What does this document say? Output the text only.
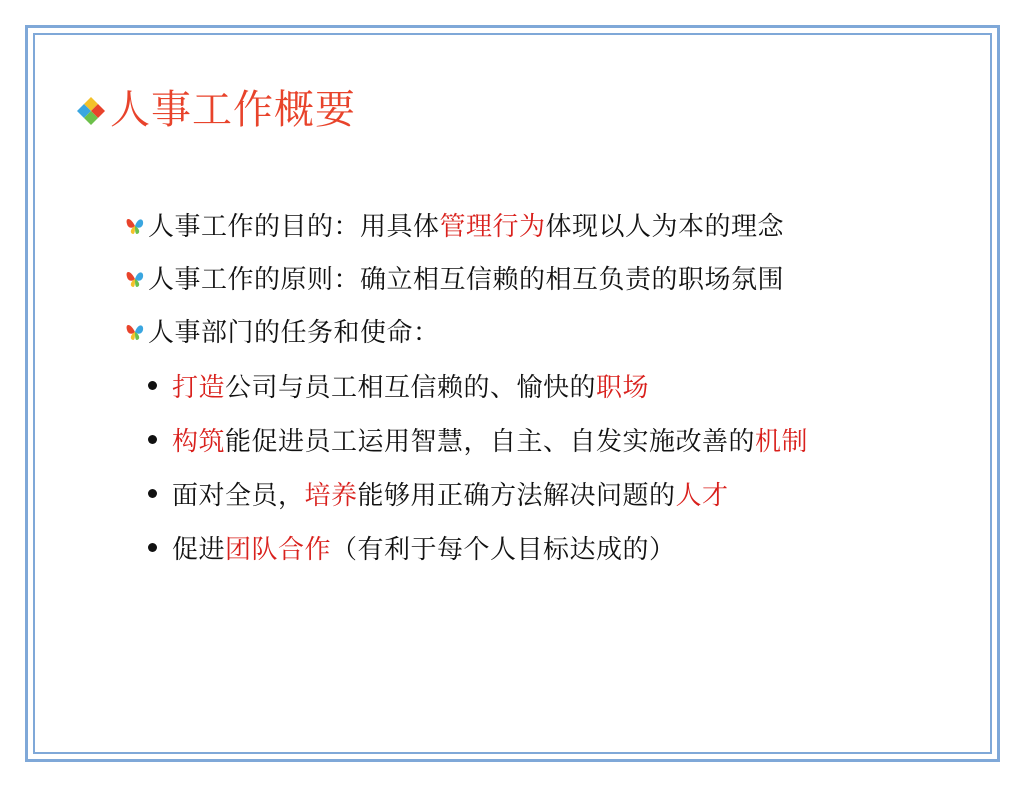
人事工作概要
人事工作的目的：用具体管理行为体现以人为本的理念
人事工作的原则：确立相互信赖的相互负责的职场氛围
人事部门的任务和使命：
打造公司与员工相互信赖的、愉快的职场
构筑能促进员工运用智慧，自主、自发实施改善的机制
面对全员，培养能够用正确方法解决问题的人才
促进团队合作（有利于每个人目标达成的）
